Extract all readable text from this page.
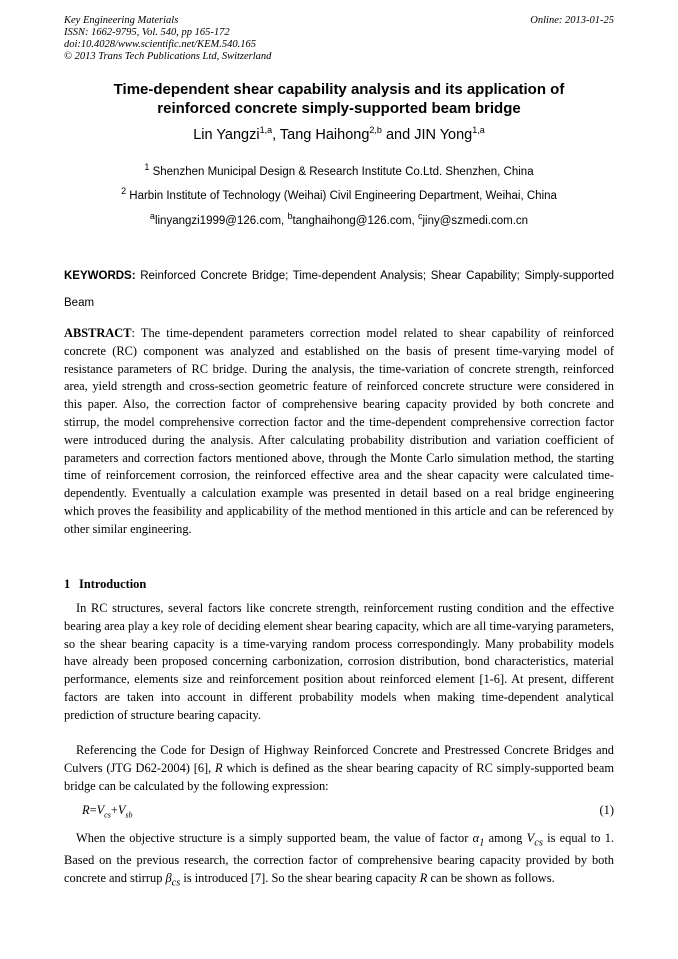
Key Engineering Materials
ISSN: 1662-9795, Vol. 540, pp 165-172
doi:10.4028/www.scientific.net/KEM.540.165
© 2013 Trans Tech Publications Ltd, Switzerland
Online: 2013-01-25
Time-dependent shear capability analysis and its application of
reinforced concrete simply-supported beam bridge
Lin Yangzi$^{1,a}$, Tang Haihong$^{2,b}$ and JIN Yong$^{1,a}$
$^1$ Shenzhen Municipal Design & Research Institute Co.Ltd. Shenzhen, China
$^2$ Harbin Institute of Technology (Weihai) Civil Engineering Department, Weihai, China
$^a$linyangzi1999@126.com, $^b$tanghaihong@126.com, $^c$jiny@szmedi.com.cn
KEYWORDS: Reinforced Concrete Bridge; Time-dependent Analysis; Shear Capability; Simply-supported Beam
ABSTRACT: The time-dependent parameters correction model related to shear capability of reinforced concrete (RC) component was analyzed and established on the basis of present time-varying model of resistance parameters of RC bridge. During the analysis, the time-variation of concrete strength, reinforced area, yield strength and cross-section geometric feature of reinforced concrete structure were considered in this paper. Also, the correction factor of comprehensive bearing capacity provided by both concrete and stirrup, the model comprehensive correction factor and the time-dependent comprehensive correction factor were introduced during the analysis. After calculating probability distribution and variation coefficient of parameters and correction factors mentioned above, through the Monte Carlo simulation method, the starting time of reinforcement corrosion, the reinforced effective area and the shear capacity were calculated time-dependently. Eventually a calculation example was presented in detail based on a real bridge engineering which proves the feasibility and applicability of the method mentioned in this article and can be referenced by other similar engineering.
1 Introduction

In RC structures, several factors like concrete strength, reinforcement rusting condition and the effective bearing area play a key role of deciding element shear bearing capacity, which are all time-varying parameters, so the shear bearing capacity is a time-varying random process correspondingly. Many probability models have already been proposed concerning carbonization, corrosion distribution, bond characteristics, material performance, elements size and reinforcement position about reinforced element [1-6]. At present, different factors are taken into account in different probability models when making time-dependent analytical prediction of structure bearing capacity.

Referencing the Code for Design of Highway Reinforced Concrete and Prestressed Concrete Bridges and Culvers (JTG D62-2004) [6], R which is defined as the shear bearing capacity of RC simply-supported beam bridge can be calculated by the following expression:

$R=V_{cs}+V_{sb}$	(1)

When the objective structure is a simply supported beam, the value of factor $\alpha_1$ among $V_{cs}$ is equal to 1. Based on the previous research, the correction factor of comprehensive bearing capacity provided by both concrete and stirrup $\beta_{cs}$ is introduced [7]. So the shear bearing capacity R can be shown as follows.
